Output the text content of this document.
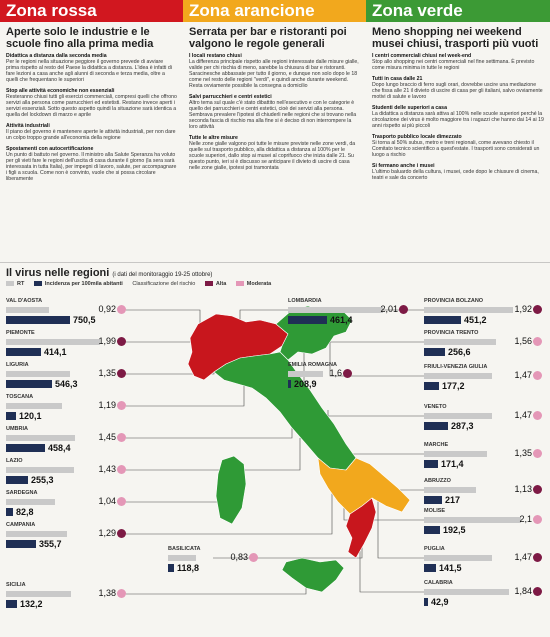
Zona rossa
Aperte solo le industrie e le scuole fino alla prima media
Didattica a distanza dalla seconda media
Per le regioni nella situazione peggiore il governo prevede di avviare prima rispetto al resto del Paese la didattica a distanza. L'idea è infatti di fare lezioni a casa anche agli alunni di seconda e terza media, oltre a quelli che frequentano le superiori
Stop alle attività economiche non essenziali
Resteranno chiusi tutti gli esercizi commerciali, compresi quelli che offrono servizi alla persona come parrucchieri ed estetisti. Restano invece aperti i servizi essenziali. Sotto questo aspetto quindi la situazione sarà identica a quella del lockdown di marzo e aprile
Attività industriali
Il piano del governo è mantenere aperte le attività industriali, per non dare un colpo troppo grande all'economia della regione
Spostamenti con autocertificazione
Un punto di battuto nel governo. Il ministro alla Salute Speranza ha voluto per gli vieti fare le regioni dell'uscita di casa durante il giorno (la sera sarà interessata in tutta Italia), per impegni di lavoro, salute, per accompagnare i figli a scuola. Come non è convinto, vuole che si possa circolare liberamente
Zona arancione
Serrata per bar e ristoranti poi valgono le regole generali
I locali restano chiusi
La differenza principale rispetto alle regioni interessate dalle misure gialle, valide per chi rischia di meno, sarebbe la chiusura di bar e ristoranti. Saracinesche abbassate per tutto il giorno, e dunque non solo dopo le 18 come nel resto delle regioni "verdi", e quindi anche durante weekend. Resta ovviamente possibile la consegna a domicilio
Salvi parrucchieri e centri estetici
Altro tema sul quale c'è stato dibattito nell'esecutivo e con le categorie è quello dei parrucchieri e centri estetici, cioè dei servizi alla persona. Sembrava prevalere l'ipotesi di chiuderli nelle regioni che si trovano nella seconda fascia di rischio ma alla fine si è deciso di non interrompere la loro attività
Tutte le altre misure
Nelle zone gialle valgono poi tutte le misure previste nelle zone verdi, da quelle sul trasporto pubblico, alla didattica a distanza al 100% per le scuole superiori, dallo stop ai musei al coprifuoco che inizia dalle 21. Su questo punto, ieri si è discusso se anticipare il divieto di uscire di casa nelle zone gialle, ipotesi poi tramontata
Zona verde
Meno shopping nei weekend musei chiusi, trasporti più vuoti
I centri commerciali chiusi nel week-end
Stop allo shopping nei centri commerciali nel fine settimana. È previsto come misura minima in tutte le regioni
Tutti in casa dalle 21
Dopo lungo braccio di ferro sugli orari, dovrebbe uscire una mediazione che fissa alle 21 il divieto di uscire di casa per gli italiani, salvo ovviamente motivi di salute e lavoro
Studenti delle superiori a casa
La didattica a distanza sarà attiva al 100% nelle scuole superiori perché la circolazione dei virus è molto maggiore tra i ragazzi che hanno dai 14 ai 19 anni rispetto ai più piccoli
Trasporto pubblico locale dimezzato
Si torna al 50% subus, metro e treni regionali, come avevano chiesto il Comitato tecnico scientifico a quest'estate. I trasporti sono considerati un luogo a rischio
Si fermano anche i musei
L'ultimo baluardo della cultura, i musei, cede dopo le chiusure di cinema, teatri e sale da concerto
Il virus nelle regioni (i dati del monitoraggio 19-25 ottobre)
RT	Incidenza per 100mila abitanti Classificazione del rischio	Alta	Moderata
VAL D'AOSTA
0,92
750,5
PIEMONTE
1,99
414,1
LIGURIA
1,35
546,3
TOSCANA
1,19
120,1
UMBRIA
1,45
458,4
LAZIO
1,43
255,3
SARDEGNA
1,04
82,8
CAMPANIA
1,29
355,7
SICILIA
1,38
132,2
LOMBARDIA
2,01
461,4
EMILIA ROMAGNA
1,6
208,9
BASILICATA
0,83
118,8
PROVINCIA BOLZANO
1,92
451,2
PROVINCIA TRENTO
1,56
256,6
FRIULI-VENEZIA GIULIA
1,47
177,2
VENETO
1,47
287,3
MARCHE
1,35
171,4
ABRUZZO
1,13
217
MOLISE
2,1
192,5
PUGLIA
1,47
141,5
CALABRIA
1,84
42,9
